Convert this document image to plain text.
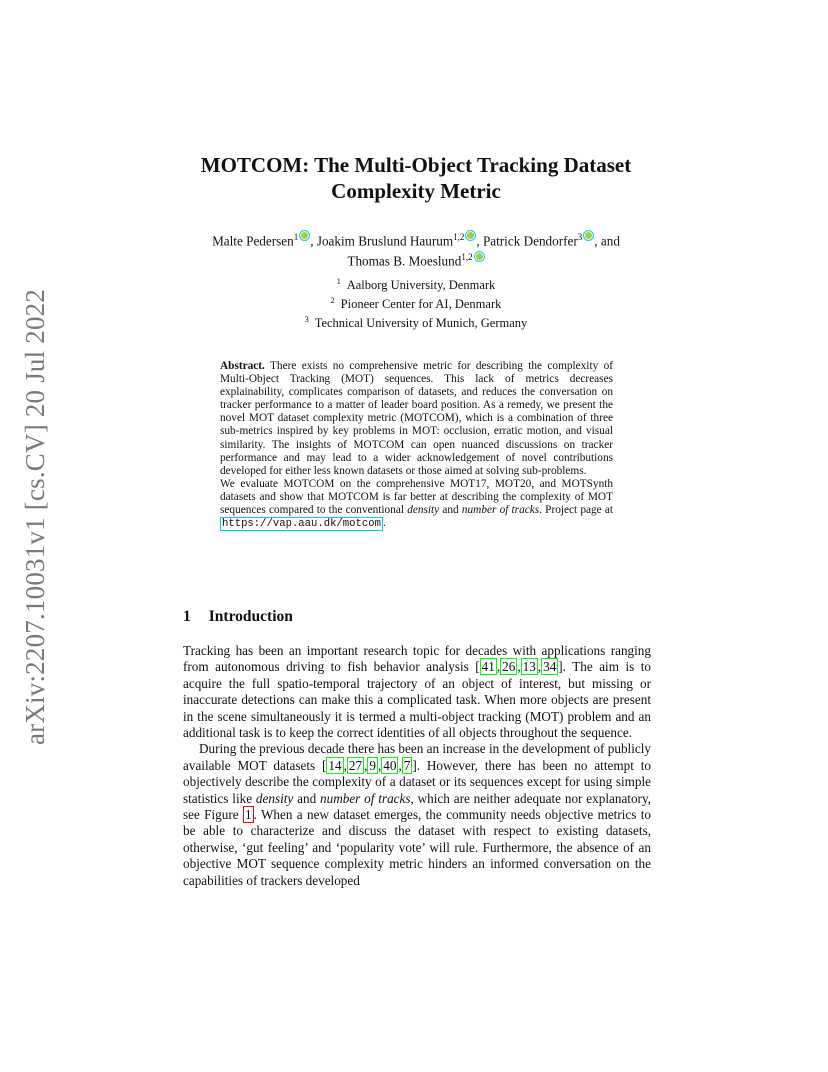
arXiv:2207.10031v1 [cs.CV] 20 Jul 2022
MOTCOM: The Multi-Object Tracking Dataset
Complexity Metric
Malte Pedersen$^1$ , Joakim Bruslund Haurum$^{1,2}$ , Patrick Dendorfer$^3$ , and
Thomas B. Moeslund$^{1,2}$
$^1$ Aalborg University, Denmark
$^2$ Pioneer Center for AI, Denmark
$^3$ Technical University of Munich, Germany

Abstract. There exists no comprehensive metric for describing the complexity of Multi-Object Tracking (MOT) sequences. This lack of metrics decreases explainability, complicates comparison of datasets, and reduces the conversation on tracker performance to a matter of leader board position. As a remedy, we present the novel MOT dataset complexity metric (MOTCOM), which is a combination of three sub-metrics inspired by key problems in MOT: occlusion, erratic motion, and visual similarity. The insights of MOTCOM can open nuanced discussions on tracker performance and may lead to a wider acknowledgement of novel contributions developed for either less known datasets or those aimed at solving sub-problems.

We evaluate MOTCOM on the comprehensive MOT17, MOT20, and MOTSynth datasets and show that MOTCOM is far better at describing the complexity of MOT sequences compared to the conventional density and number of tracks. Project page at https://vap.aau.dk/motcom .

1 Introduction

Tracking has been an important research topic for decades with applications ranging from autonomous driving to fish behavior analysis [ 41 , 26 , 13 , 34 ]. The aim is to acquire the full spatio-temporal trajectory of an object of interest, but missing or inaccurate detections can make this a complicated task. When more objects are present in the scene simultaneously it is termed a multi-object tracking (MOT) problem and an additional task is to keep the correct identities of all objects throughout the sequence.

During the previous decade there has been an increase in the development of publicly available MOT datasets [ 14 , 27 , 9 , 40 , 7 ]. However, there has been no attempt to objectively describe the complexity of a dataset or its sequences except for using simple statistics like density and number of tracks, which are neither adequate nor explanatory, see Figure 1 . When a new dataset emerges, the community needs objective metrics to be able to characterize and discuss the dataset with respect to existing datasets, otherwise, ‘gut feeling’ and ‘popularity vote’ will rule. Furthermore, the absence of an objective MOT sequence complexity metric hinders an informed conversation on the capabilities of trackers developed
